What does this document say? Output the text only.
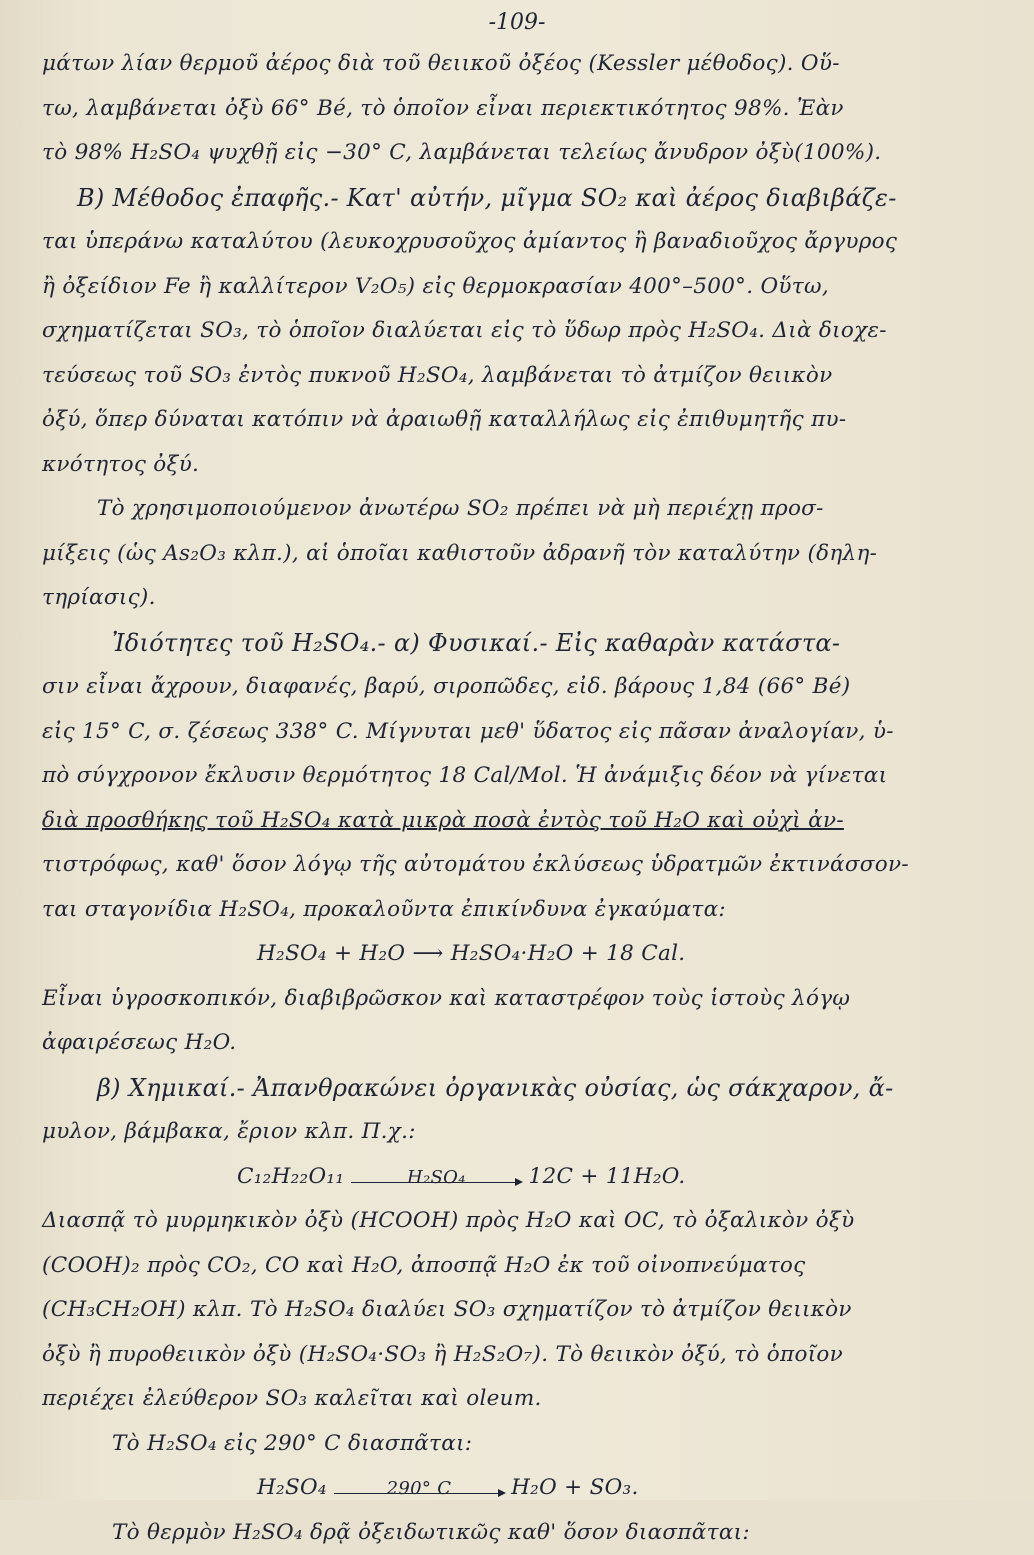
-109-
μάτων λίαν θερμοῦ ἀέρος διὰ τοῦ θειικοῦ ὀξέος (Kessler μέθοδος). Οὕ-
τω, λαμβάνεται ὀξὺ 66° Bé, τὸ ὁποῖον εἶναι περιεκτικότητος 98%. Ἐὰν
τὸ 98% H₂SO₄ ψυχθῇ εἰς −30° C, λαμβάνεται τελείως ἄνυδρον ὀξὺ(100%).
Β) Μέθοδος ἐπαφῆς.- Κατ' αὐτήν, μῖγμα SO₂ καὶ ἀέρος διαβιβάζε-
ται ὑπεράνω καταλύτου (λευκοχρυσοῦχος ἀμίαντος ἢ βαναδιοῦχος ἄργυρος
ἢ ὀξείδιον Fe ἢ καλλίτερον V₂O₅) εἰς θερμοκρασίαν 400°–500°. Οὕτω,
σχηματίζεται SO₃, τὸ ὁποῖον διαλύεται εἰς τὸ ὕδωρ πρὸς H₂SO₄. Διὰ διοχε-
τεύσεως τοῦ SO₃ ἐντὸς πυκνοῦ H₂SO₄, λαμβάνεται τὸ ἀτμίζον θειικὸν
ὀξύ, ὅπερ δύναται κατόπιν νὰ ἀραιωθῇ καταλλήλως εἰς ἐπιθυμητῆς πυ-
κνότητος ὀξύ.
Τὸ χρησιμοποιούμενον ἀνωτέρω SO₂ πρέπει νὰ μὴ περιέχῃ προσ-
μίξεις (ὡς As₂O₃ κλπ.), αἱ ὁποῖαι καθιστοῦν ἀδρανῆ τὸν καταλύτην (δηλη-
τηρίασις).
Ἰδιότητες τοῦ H₂SO₄.- α) Φυσικαί.- Εἰς καθαρὰν κατάστα-
σιν εἶναι ἄχρουν, διαφανές, βαρύ, σιροπῶδες, εἰδ. βάρους 1,84 (66° Bé)
εἰς 15° C, σ. ζέσεως 338° C. Μίγνυται μεθ' ὕδατος εἰς πᾶσαν ἀναλογίαν, ὑ-
πὸ σύγχρονον ἔκλυσιν θερμότητος 18 Cal/Mol. Ἡ ἀνάμιξις δέον νὰ γίνεται
διὰ προσθήκης τοῦ H₂SO₄ κατὰ μικρὰ ποσὰ ἐντὸς τοῦ H₂O καὶ οὐχὶ ἀν-
τιστρόφως, καθ' ὅσον λόγῳ τῆς αὐτομάτου ἐκλύσεως ὑδρατμῶν ἐκτινάσσον-
ται σταγονίδια H₂SO₄, προκαλοῦντα ἐπικίνδυνα ἐγκαύματα:
H₂SO₄ + H₂O ⟶ H₂SO₄·H₂O + 18 Cal.
Εἶναι ὑγροσκοπικόν, διαβιβρῶσκον καὶ καταστρέφον τοὺς ἱστοὺς λόγῳ
ἀφαιρέσεως H₂O.
β) Χημικαί.- Ἀπανθρακώνει ὀργανικὰς οὐσίας, ὡς σάκχαρον, ἄ-
μυλον, βάμβακα, ἔριον κλπ. Π.χ.:
C₁₂H₂₂O₁₁	H₂SO₄	12C + 11H₂O.
Διασπᾷ τὸ μυρμηκικὸν ὀξὺ (HCOOH) πρὸς H₂O καὶ OC, τὸ ὀξαλικὸν ὀξὺ
(COOH)₂ πρὸς CO₂, CO καὶ H₂O, ἀποσπᾷ H₂O ἐκ τοῦ οἰνοπνεύματος
(CH₃CH₂OH) κλπ. Τὸ H₂SO₄ διαλύει SO₃ σχηματίζον τὸ ἀτμίζον θειικὸν
ὀξὺ ἢ πυροθειικὸν ὀξὺ (H₂SO₄·SO₃ ἢ H₂S₂O₇). Τὸ θειικὸν ὀξύ, τὸ ὁποῖον
περιέχει ἐλεύθερον SO₃ καλεῖται καὶ oleum.
Τὸ H₂SO₄ εἰς 290° C διασπᾶται:
H₂SO₄	290° C	H₂O + SO₃.
Τὸ θερμὸν H₂SO₄ δρᾷ ὀξειδωτικῶς καθ' ὅσον διασπᾶται:
